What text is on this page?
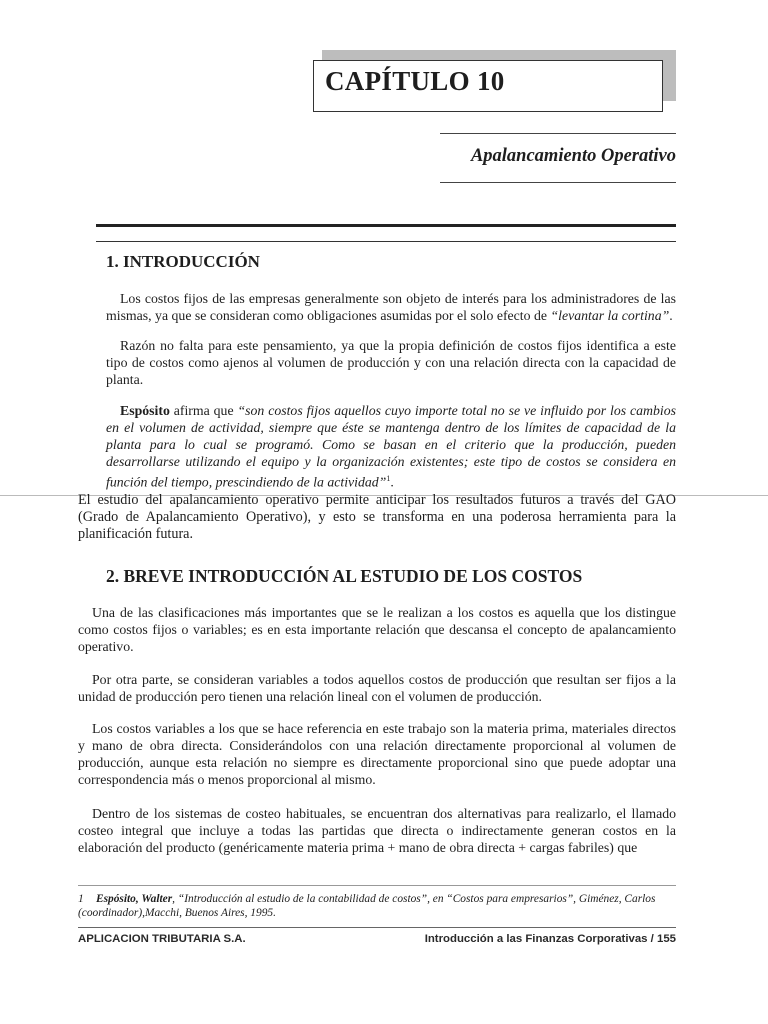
CAPÍTULO 10
Apalancamiento Operativo
1. INTRODUCCIÓN
Los costos fijos de las empresas generalmente son objeto de interés para los administradores de las mismas, ya que se consideran como obligaciones asumidas por el solo efecto de “levantar la cortina”.
Razón no falta para este pensamiento, ya que la propia definición de costos fijos identifica a este tipo de costos como ajenos al volumen de producción y con una relación directa con la capacidad de planta.
Espósito afirma que “son costos fijos aquellos cuyo importe total no se ve influido por los cambios en el volumen de actividad, siempre que éste se mantenga dentro de los límites de capacidad de la planta para lo cual se programó. Como se basan en el criterio que la producción, pueden desarrollarse utilizando el equipo y la organización existentes; este tipo de costos se considera en función del tiempo, prescindiendo de la actividad”$^1$.
El estudio del apalancamiento operativo permite anticipar los resultados futuros a través del GAO (Grado de Apalancamiento Operativo), y esto se transforma en una poderosa herramienta para la planificación futura.
2. BREVE INTRODUCCIÓN AL ESTUDIO DE LOS COSTOS
Una de las clasificaciones más importantes que se le realizan a los costos es aquella que los distingue como costos fijos o variables; es en esta importante relación que descansa el concepto de apalancamiento operativo.
Por otra parte, se consideran variables a todos aquellos costos de producción que resultan ser fijos a la unidad de producción pero tienen una relación lineal con el volumen de producción.
Los costos variables a los que se hace referencia en este trabajo son la materia prima, materiales directos y mano de obra directa. Considerándolos con una relación directamente proporcional al volumen de producción, aunque esta relación no siempre es directamente proporcional sino que puede adoptar una correspondencia más o menos proporcional al mismo.
Dentro de los sistemas de costeo habituales, se encuentran dos alternativas para realizarlo, el llamado costeo integral que incluye a todas las partidas que directa o indirectamente generan costos en la elaboración del producto (genéricamente materia prima + mano de obra directa + cargas fabriles) que
1 Espósito, Walter, “Introducción al estudio de la contabilidad de costos”, en “Costos para empresarios”, Giménez, Carlos (coordinador),Macchi, Buenos Aires, 1995.
APLICACION TRIBUTARIA S.A.	Introducción a las Finanzas Corporativas / 155
